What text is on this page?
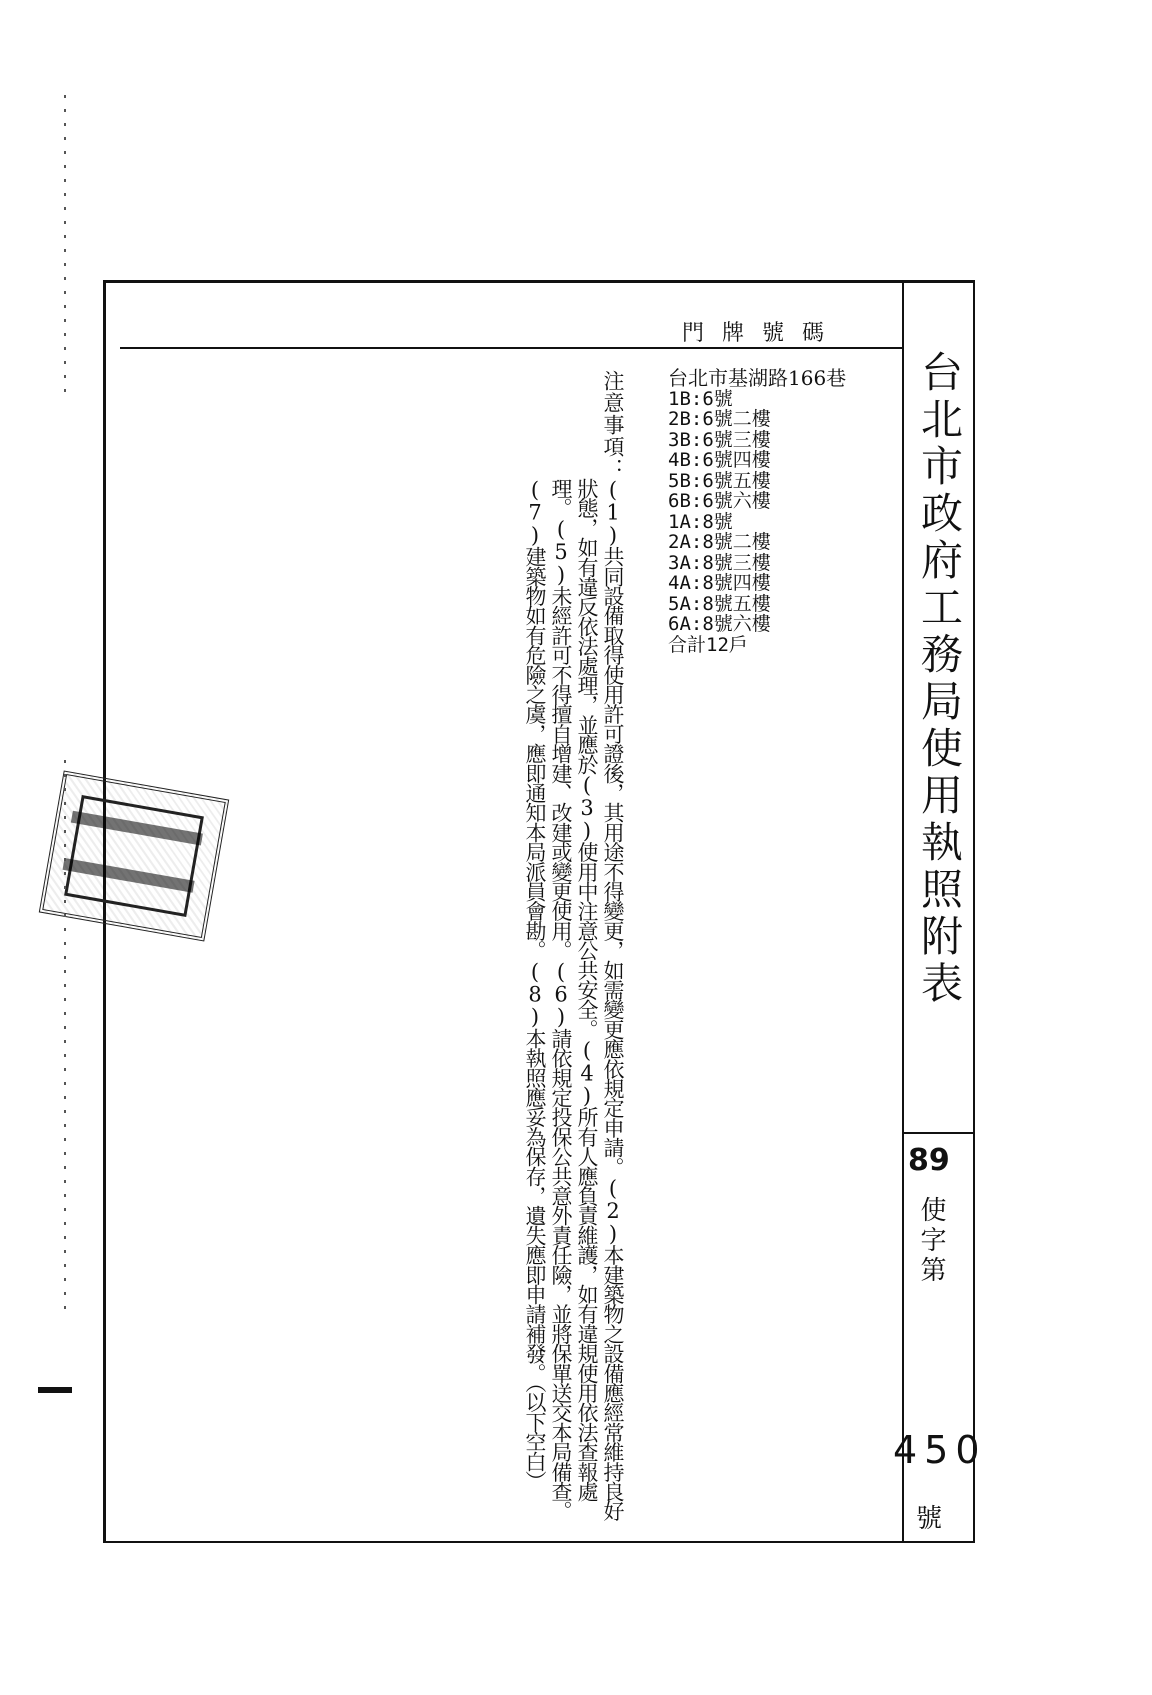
台北市政府工務局使用執照附表
門牌號碼
台北市基湖路166巷
1B:6號
2B:6號二樓
3B:6號三樓
4B:6號四樓
5B:6號五樓
6B:6號六樓
1A:8號
2A:8號二樓
3A:8號三樓
4A:8號四樓
5A:8號五樓
6A:8號六樓
合計12戶
注意事項：
(1)共同設備取得使用許可證後，其用途不得變更，如需變更應依規定申請。(2)本建築物之設備應經常維持良好狀態，如有違反依法處理，並應於(3)使用中注意公共安全。(4)所有人應負責維護，如有違規使用依法查報處理。(5)未經許可不得擅自增建、改建或變更使用。(6)請依規定投保公共意外責任險，並將保單送交本局備查。(7)建築物如有危險之虞，應即通知本局派員會勘。(8)本執照應妥為保存，遺失應即申請補發。（以下空白）	89
使字第
450
號
